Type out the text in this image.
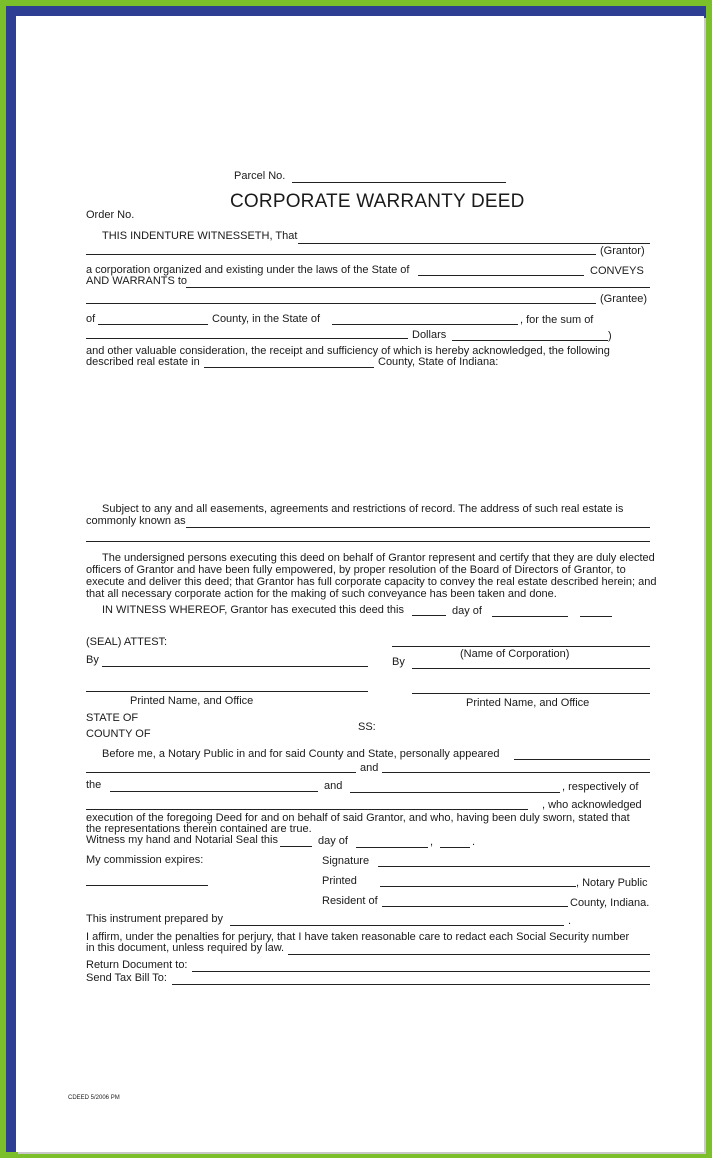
Parcel No.
CORPORATE WARRANTY DEED
Order No.
THIS INDENTURE WITNESSETH, That
(Grantor)
a corporation organized and existing under the laws of the State of	CONVEYS
AND WARRANTS to
(Grantee)
of	County, in the State of	, for the sum of
Dollars	)
and other valuable consideration, the receipt and sufficiency of which is hereby acknowledged, the following
described real estate in	County, State of Indiana:
Subject to any and all easements, agreements and restrictions of record. The address of such real estate is
commonly known as
The undersigned persons executing this deed on behalf of Grantor represent and certify that they are duly elected
officers of Grantor and have been fully empowered, by proper resolution of the Board of Directors of Grantor, to
execute and deliver this deed; that Grantor has full corporate capacity to convey the real estate described herein; and
that all necessary corporate action for the making of such conveyance has been taken and done.
IN WITNESS WHEREOF, Grantor has executed this deed this	day of
(SEAL) ATTEST:
(Name of Corporation)
By	By
Printed Name, and Office	Printed Name, and Office
STATE OF
COUNTY OF
SS:
Before me, a Notary Public in and for said County and State, personally appeared
and
the	and	, respectively of
, who acknowledged
execution of the foregoing Deed for and on behalf of said Grantor, and who, having been duly sworn, stated that
the representations therein contained are true.
Witness my hand and Notarial Seal this	day of	,	.
My commission expires:	Signature
Printed	, Notary Public
Resident of	County, Indiana.
This instrument prepared by	.
I affirm, under the penalties for perjury, that I have taken reasonable care to redact each Social Security number
in this document, unless required by law.
Return Document to:
Send Tax Bill To:
CDEED 5/2006 PM
